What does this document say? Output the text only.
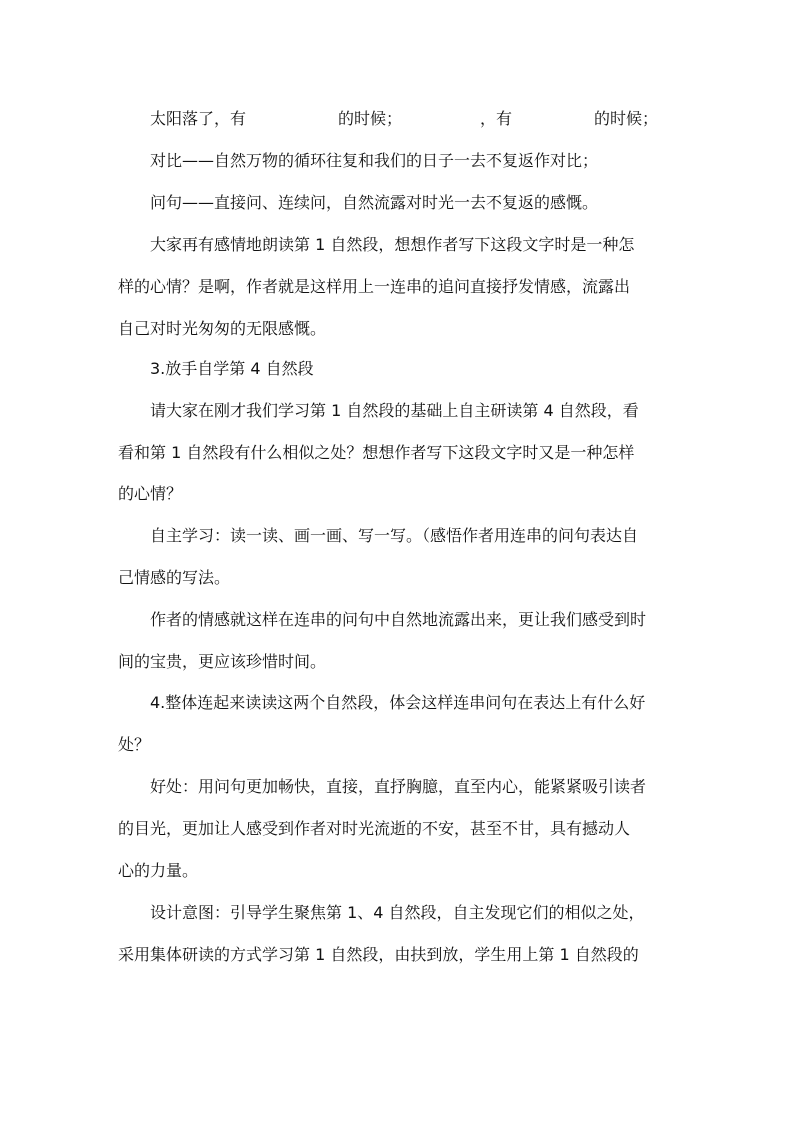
太阳落了，有	的时候；	，有	的时候；
对比——自然万物的循环往复和我们的日子一去不复返作对比；
问句——直接问、连续问，自然流露对时光一去不复返的感慨。
大家再有感情地朗读第 1 自然段，想想作者写下这段文字时是一种怎
样的心情？是啊，作者就是这样用上一连串的追问直接抒发情感，流露出
自己对时光匆匆的无限感慨。
3.放手自学第 4 自然段
请大家在刚才我们学习第 1 自然段的基础上自主研读第 4 自然段，看
看和第 1 自然段有什么相似之处？想想作者写下这段文字时又是一种怎样
的心情？
自主学习：读一读、画一画、写一写。（感悟作者用连串的问句表达自
己情感的写法。
作者的情感就这样在连串的问句中自然地流露出来，更让我们感受到时
间的宝贵，更应该珍惜时间。
4.整体连起来读读这两个自然段，体会这样连串问句在表达上有什么好
处？
好处：用问句更加畅快，直接，直抒胸臆，直至内心，能紧紧吸引读者
的目光，更加让人感受到作者对时光流逝的不安，甚至不甘，具有撼动人
心的力量。
设计意图：引导学生聚焦第 1、4 自然段，自主发现它们的相似之处，
采用集体研读的方式学习第 1 自然段，由扶到放，学生用上第 1 自然段的
